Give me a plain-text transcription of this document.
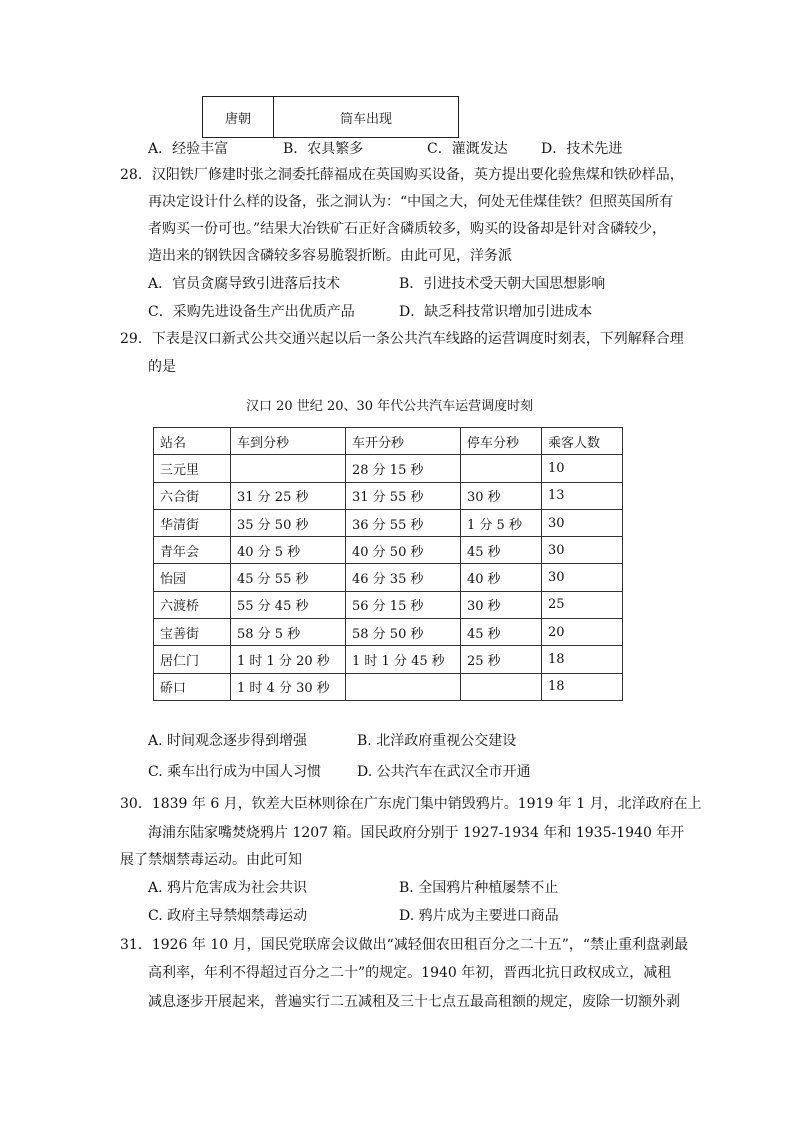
唐朝	筒车出现
A．经验丰富	B．农具繁多	C．灌溉发达 D．技术先进
28．汉阳铁厂修建时张之洞委托薛福成在英国购买设备，英方提出要化验焦煤和铁砂样品，
再决定设计什么样的设备，张之洞认为：“中国之大，何处无佳煤佳铁？但照英国所有
者购买一份可也。”结果大冶铁矿石正好含磷质较多，购买的设备却是针对含磷较少，
造出来的钢铁因含磷较多容易脆裂折断。由此可见，洋务派
A．官员贪腐导致引进落后技术	B．引进技术受天朝大国思想影响
C．采购先进设备生产出优质产品	D．缺乏科技常识增加引进成本
29．下表是汉口新式公共交通兴起以后一条公共汽车线路的运营调度时刻表，下列解释合理
的是
汉口 20 世纪 20、30 年代公共汽车运营调度时刻
站名	车到分秒	车开分秒	停车分秒	乘客人数
三元里		28 分 15 秒		10
六合街	31 分 25 秒	31 分 55 秒	30 秒	13
华清街	35 分 50 秒	36 分 55 秒	1 分 5 秒	30
青年会	40 分 5 秒	40 分 50 秒	45 秒	30
怡园	45 分 55 秒	46 分 35 秒	40 秒	30
六渡桥	55 分 45 秒	56 分 15 秒	30 秒	25
宝善街	58 分 5 秒	58 分 50 秒	45 秒	20
居仁门	1 时 1 分 20 秒	1 时 1 分 45 秒	25 秒	18
硚口	1 时 4 分 30 秒			18
A. 时间观念逐步得到增强	B. 北洋政府重视公交建设
C. 乘车出行成为中国人习惯	D. 公共汽车在武汉全市开通
30．1839 年 6 月，钦差大臣林则徐在广东虎门集中销毁鸦片。1919 年 1 月，北洋政府在上
海浦东陆家嘴焚烧鸦片 1207 箱。国民政府分别于 1927-1934 年和 1935-1940 年开
展了禁烟禁毒运动。由此可知
A. 鸦片危害成为社会共识	B. 全国鸦片种植屡禁不止
C. 政府主导禁烟禁毒运动	D. 鸦片成为主要进口商品
31．1926 年 10 月，国民党联席会议做出“减轻佃农田租百分之二十五”，“禁止重利盘剥最
高利率，年利不得超过百分之二十”的规定。1940 年初，晋西北抗日政权成立，减租
减息逐步开展起来，普遍实行二五减租及三十七点五最高租额的规定，废除一切额外剥
